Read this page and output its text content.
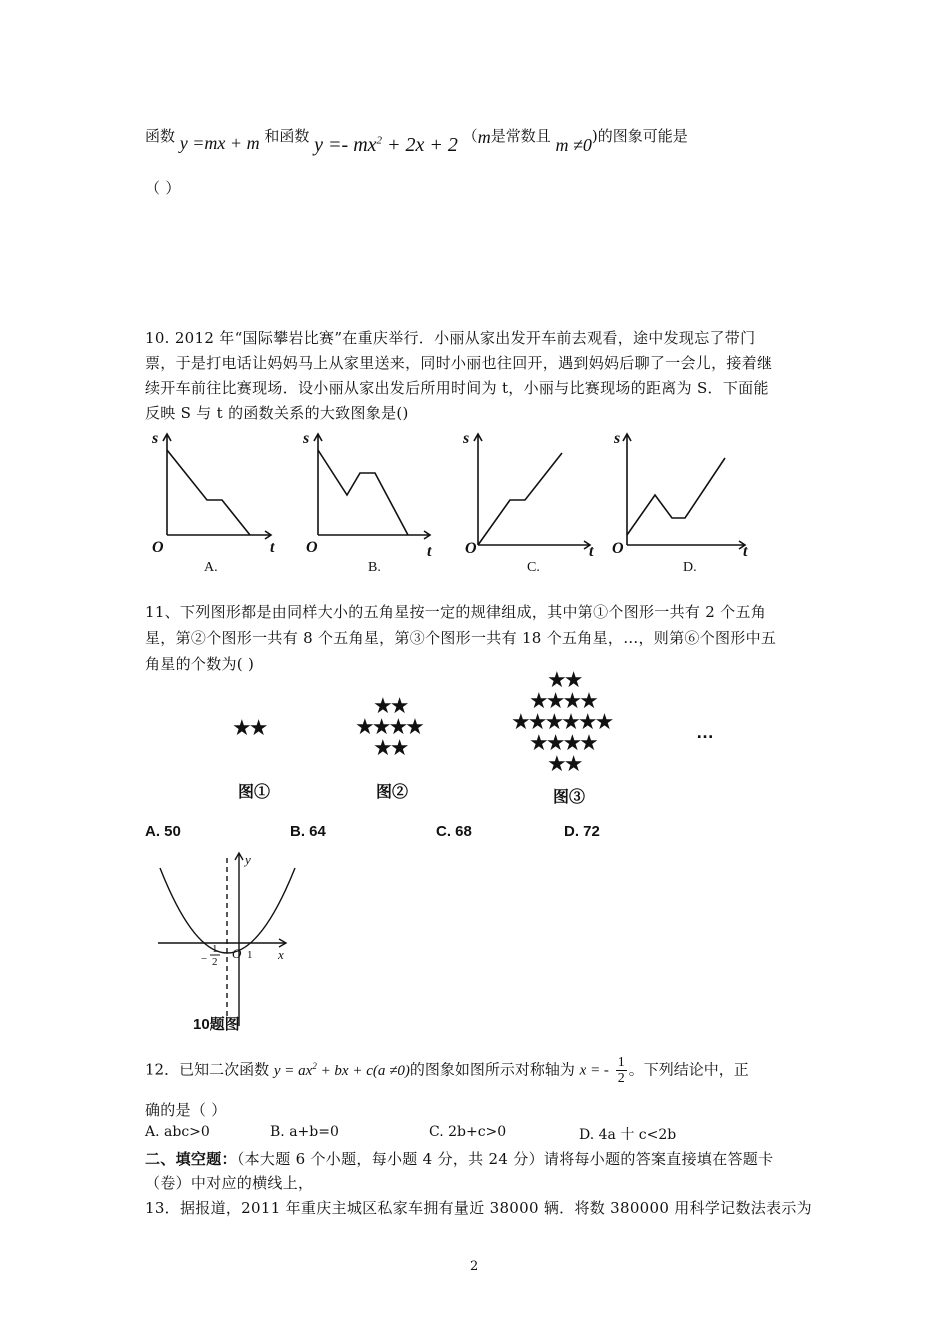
函数 y =mx + m 和函数 $y =- mx^2 + 2x + 2$ （m是常数且 m ≠0)的图象可能是
（ ）
10. 2012 年“国际攀岩比赛”在重庆举行．小丽从家出发开车前去观看，途中发现忘了带门
票，于是打电话让妈妈马上从家里送来，同时小丽也往回开，遇到妈妈后聊了一会儿，接着继
续开车前往比赛现场．设小丽从家出发后所用时间为 t，小丽与比赛现场的距离为 S．下面能
反映 S 与 t 的函数关系的大致图象是()
s
O	t
s
O	t
s
O	t
s
O	t
A.	B.	C.	D.
11、下列图形都是由同样大小的五角星按一定的规律组成，其中第①个图形一共有 2 个五角
星，第②个图形一共有 8 个五角星，第③个图形一共有 18 个五角星，…，则第⑥个图形中五
角星的个数为( )
★★
★★
★★★★
★★
★★
★★★★
★★★★★★
★★★★
★★
…
图①	图②	图③
A. 50	B. 64	C. 68	D. 72
y
x
O 1
−
1
2
10题图
12．已知二次函数 $y = ax^2$ + bx + c(a ≠0)的图象如图所示对称轴为 x = - $\frac{1}{2}$ 。下列结论中，正
确的是（ ）
A. abc>0	B. a+b=0	C. 2b+c>0	D. 4a 十 c<2b
二、填空题：（本大题 6 个小题，每小题 4 分，共 24 分）请将每小题的答案直接填在答题卡
（卷）中对应的横线上，
13．据报道，2011 年重庆主城区私家车拥有量近 38000 辆．将数 380000 用科学记数法表示为
2
